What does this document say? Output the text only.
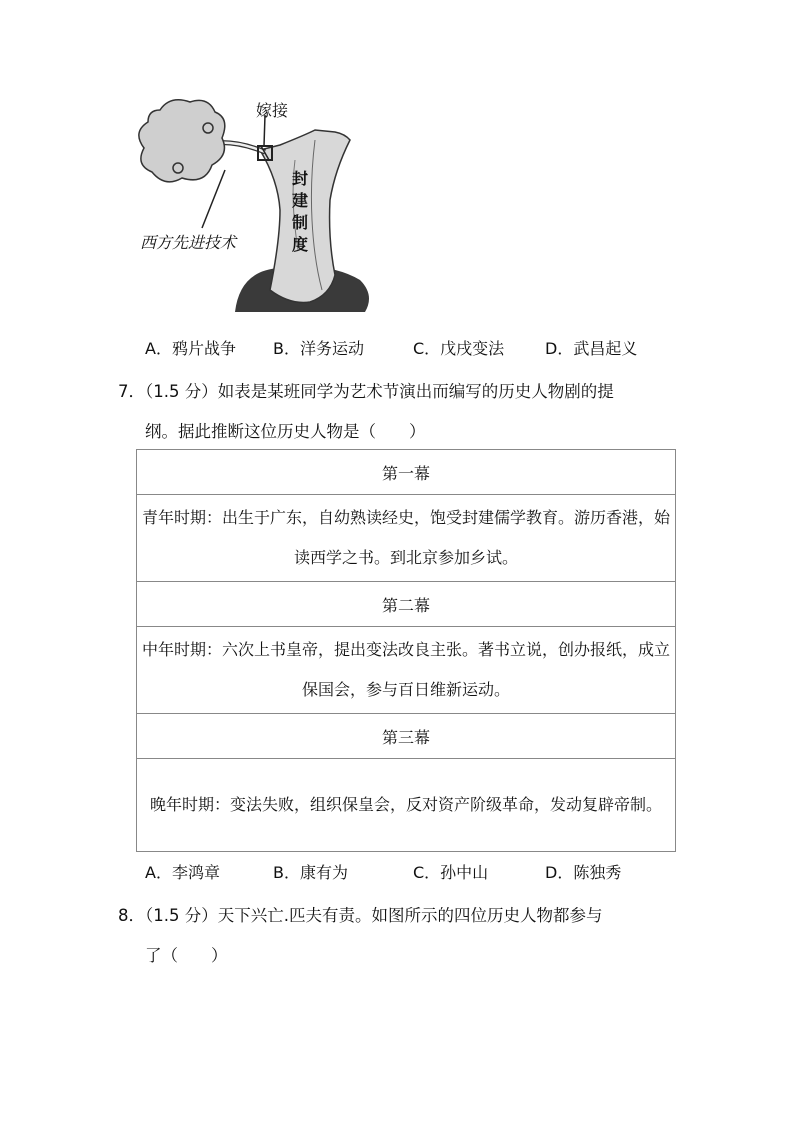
嫁接
西方先进技术
封建制度
A．鸦片战争 B．洋务运动	C．戊戌变法	D．武昌起义
7．（1.5 分）如表是某班同学为艺术节演出而编写的历史人物剧的提
纲。据此推断这位历史人物是（　　）
第一幕
青年时期：出生于广东，自幼熟读经史，饱受封建儒学教育。游历香港，始读西学之书。到北京参加乡试。
第二幕
中年时期：六次上书皇帝，提出变法改良主张。著书立说，创办报纸，成立保国会，参与百日维新运动。
第三幕
晚年时期：变法失败，组织保皇会，反对资产阶级革命，发动复辟帝制。
A．李鸿章	B．康有为	C．孙中山	D．陈独秀
8．（1.5 分）天下兴亡.匹夫有责。如图所示的四位历史人物都参与
了（　　）
